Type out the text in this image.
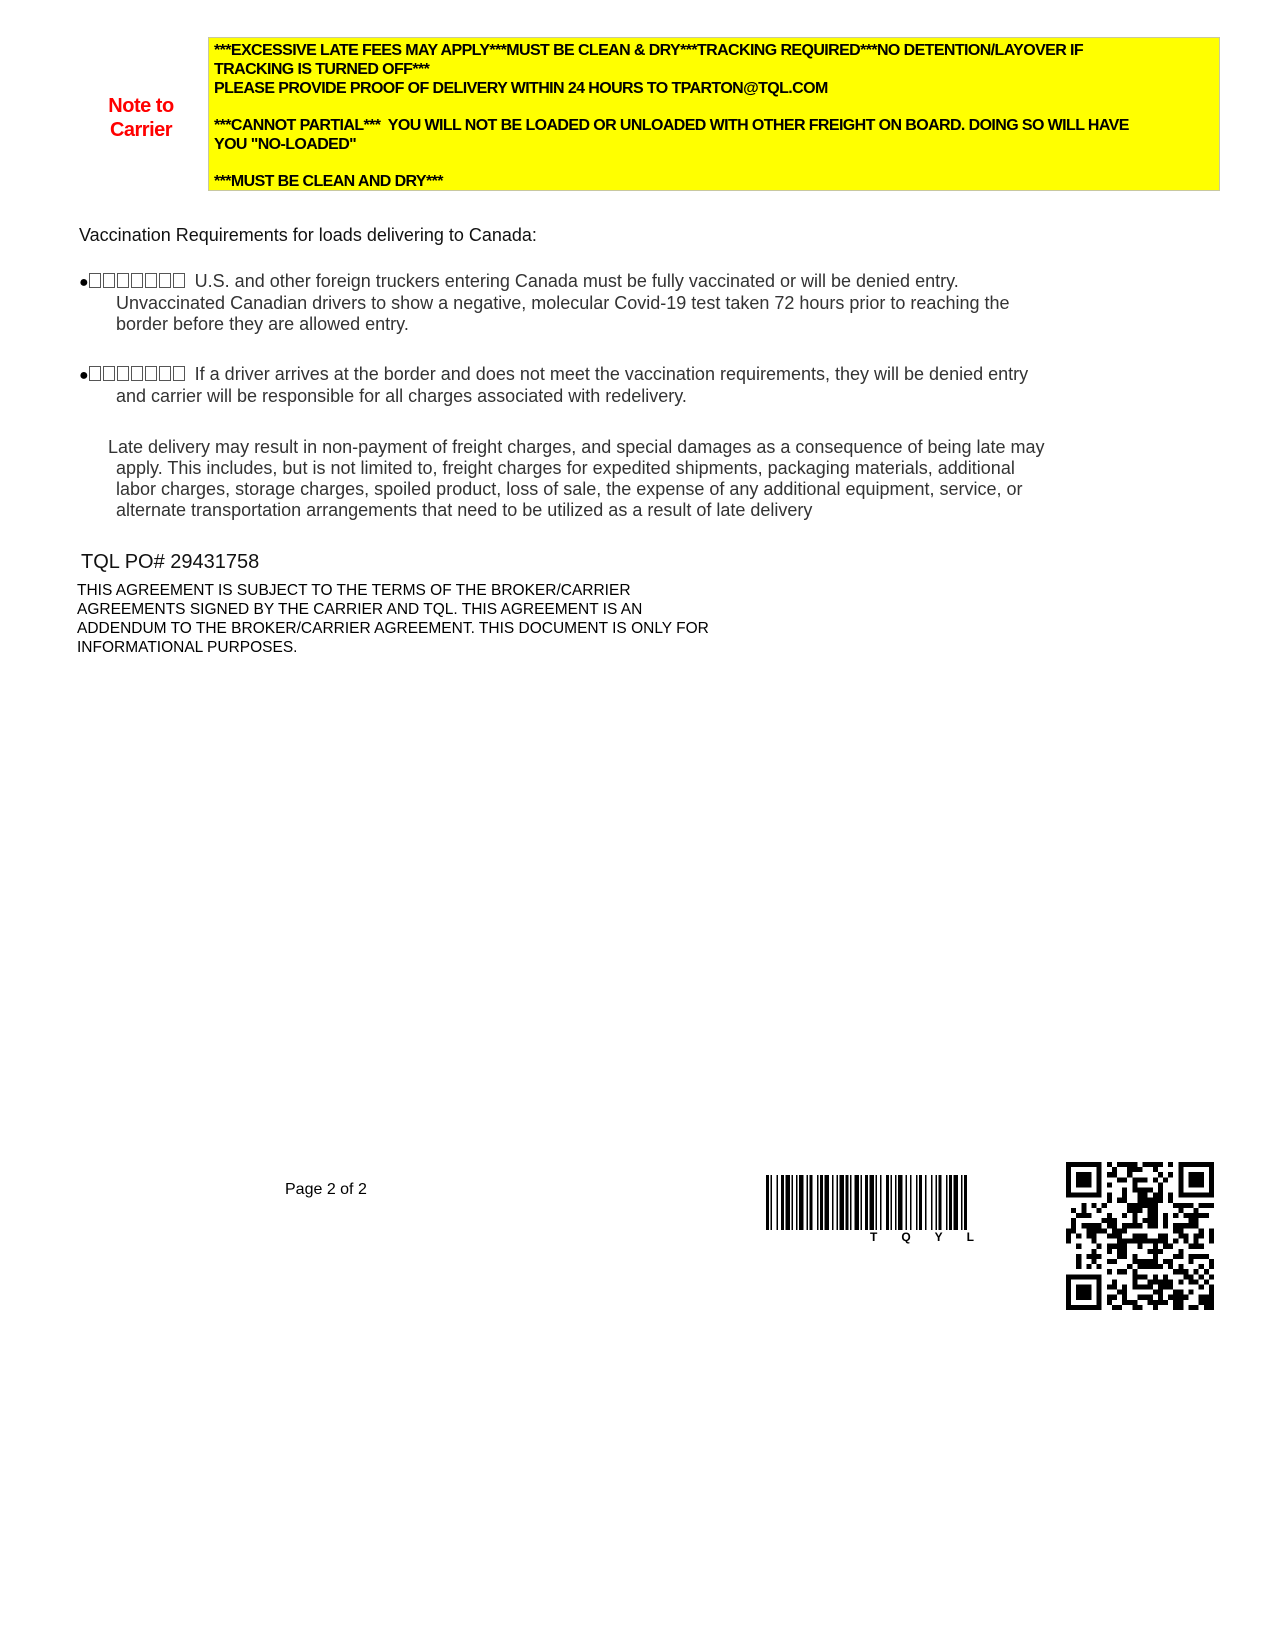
Note to
Carrier
***EXCESSIVE LATE FEES MAY APPLY***MUST BE CLEAN & DRY***TRACKING REQUIRED***NO DETENTION/LAYOVER IF
TRACKING IS TURNED OFF***
PLEASE PROVIDE PROOF OF DELIVERY WITHIN 24 HOURS TO TPARTON@TQL.COM
***CANNOT PARTIAL***  YOU WILL NOT BE LOADED OR UNLOADED WITH OTHER FREIGHT ON BOARD. DOING SO WILL HAVE
YOU "NO-LOADED"
***MUST BE CLEAN AND DRY***
Vaccination Requirements for loads delivering to Canada:
●	U.S. and other foreign truckers entering Canada must be fully vaccinated or will be denied entry.
Unvaccinated Canadian drivers to show a negative, molecular Covid-19 test taken 72 hours prior to reaching the
border before they are allowed entry.
●	If a driver arrives at the border and does not meet the vaccination requirements, they will be denied entry
and carrier will be responsible for all charges associated with redelivery.
Late delivery may result in non-payment of freight charges, and special damages as a consequence of being late may
apply. This includes, but is not limited to, freight charges for expedited shipments, packaging materials, additional
labor charges, storage charges, spoiled product, loss of sale, the expense of any additional equipment, service, or
alternate transportation arrangements that need to be utilized as a result of late delivery
TQL PO# 29431758
THIS AGREEMENT IS SUBJECT TO THE TERMS OF THE BROKER/CARRIER
AGREEMENTS SIGNED BY THE CARRIER AND TQL. THIS AGREEMENT IS AN
ADDENDUM TO THE BROKER/CARRIER AGREEMENT. THIS DOCUMENT IS ONLY FOR
INFORMATIONAL PURPOSES.
Page 2 of 2
TQYL
